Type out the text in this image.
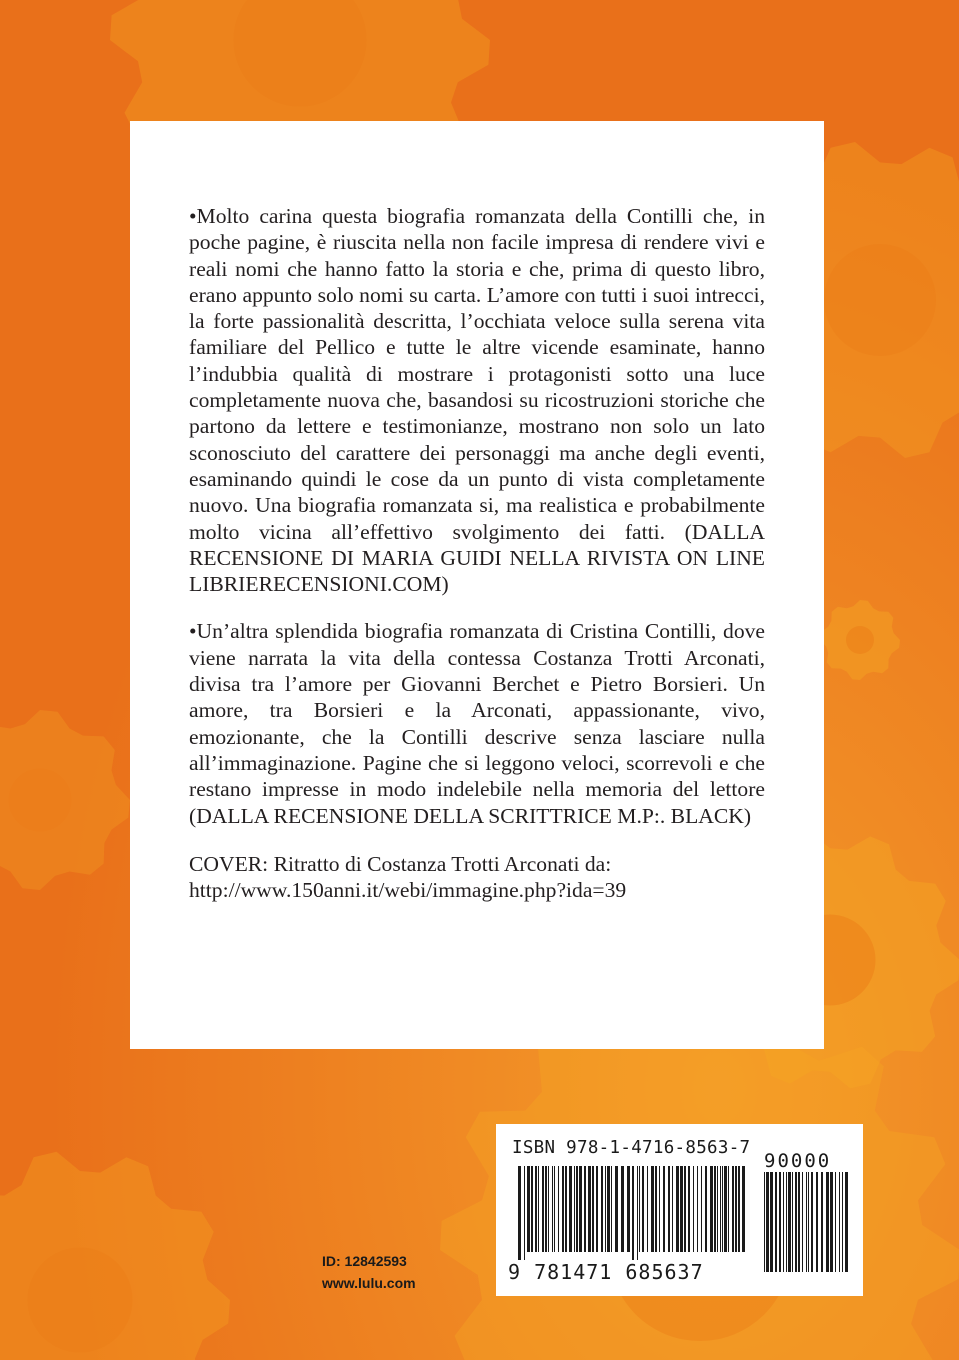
•Molto carina questa biografia romanzata della Contilli che, in poche pagine, è riuscita nella non facile impresa di rendere vivi e reali nomi che hanno fatto la storia e che, prima di questo libro, erano appunto solo nomi su carta. L’amore con tutti i suoi intrecci, la forte passionalità descritta, l’occhiata veloce sulla serena vita familiare del Pellico e tutte le altre vicende esaminate, hanno l’indubbia qualità di mostrare i protagonisti sotto una luce completamente nuova che, basandosi su ricostruzioni storiche che partono da lettere e testimonianze, mostrano non solo un lato sconosciuto del carattere dei personaggi ma anche degli eventi, esaminando quindi le cose da un punto di vista completamente nuovo. Una biografia romanzata si, ma realistica e probabilmente molto vicina all’effettivo svolgimento dei fatti. (DALLA RECENSIONE DI MARIA GUIDI NELLA RIVISTA ON LINE LIBRIERECENSIONI.COM)

•Un’altra splendida biografia romanzata di Cristina Contilli, dove viene narrata la vita della contessa Costanza Trotti Arconati, divisa tra l’amore per Giovanni Berchet e Pietro Borsieri. Un amore, tra Borsieri e la Arconati, appassionante, vivo, emozionante, che la Contilli descrive senza lasciare nulla all’immaginazione. Pagine che si leggono veloci, scorrevoli e che restano impresse in modo indelebile nella memoria del lettore (DALLA RECENSIONE DELLA SCRITTRICE M.P:. BLACK)

COVER: Ritratto di Costanza Trotti Arconati da:
http://www.150anni.it/webi/immagine.php?ida=39

ID: 12842593
www.lulu.com
ISBN 978-1-4716-8563-7
90000
9 781471 685637
